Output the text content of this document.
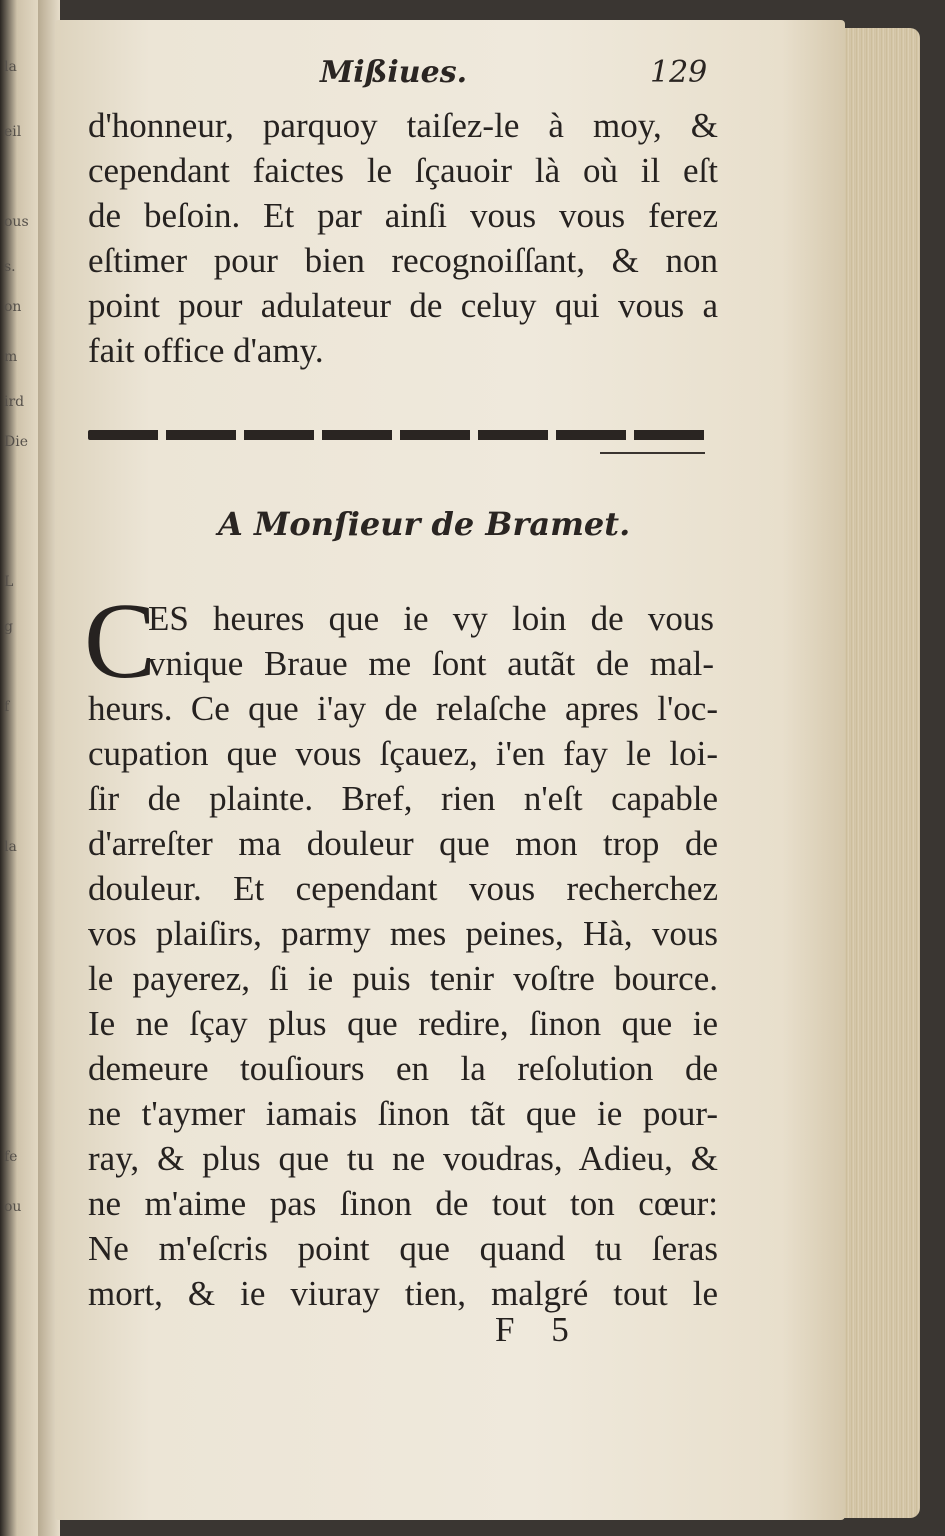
la
eil
ous
s.
on
m
ird
Die
L
g
f
la
fe
ou
Mißiues.	129
d'honneur, parquoy taiſez-le à moy, &
cependant faictes le ſçauoir là où il eſt
de beſoin. Et par ainſi vous vous ferez
eſtimer pour bien recognoiſſant, & non
point pour adulateur de celuy qui vous a
fait office d'amy.
A Monſieur de Bramet.
C
ES heures que ie vy loin de vous
vnique Braue me ſont autãt de mal-
heurs. Ce que i'ay de relaſche apres l'oc-
cupation que vous ſçauez, i'en fay le loi-
ſir de plainte. Bref, rien n'eſt capable
d'arreſter ma douleur que mon trop de
douleur. Et cependant vous recherchez
vos plaiſirs, parmy mes peines, Hà, vous
le payerez, ſi ie puis tenir voſtre bource.
Ie ne ſçay plus que redire, ſinon que ie
demeure touſiours en la reſolution de
ne t'aymer iamais ſinon tãt que ie pour-
ray, & plus que tu ne voudras, Adieu, &
ne m'aime pas ſinon de tout ton cœur:
Ne m'eſcris point que quand tu ſeras
mort, & ie viuray tien, malgré tout le
F 5
